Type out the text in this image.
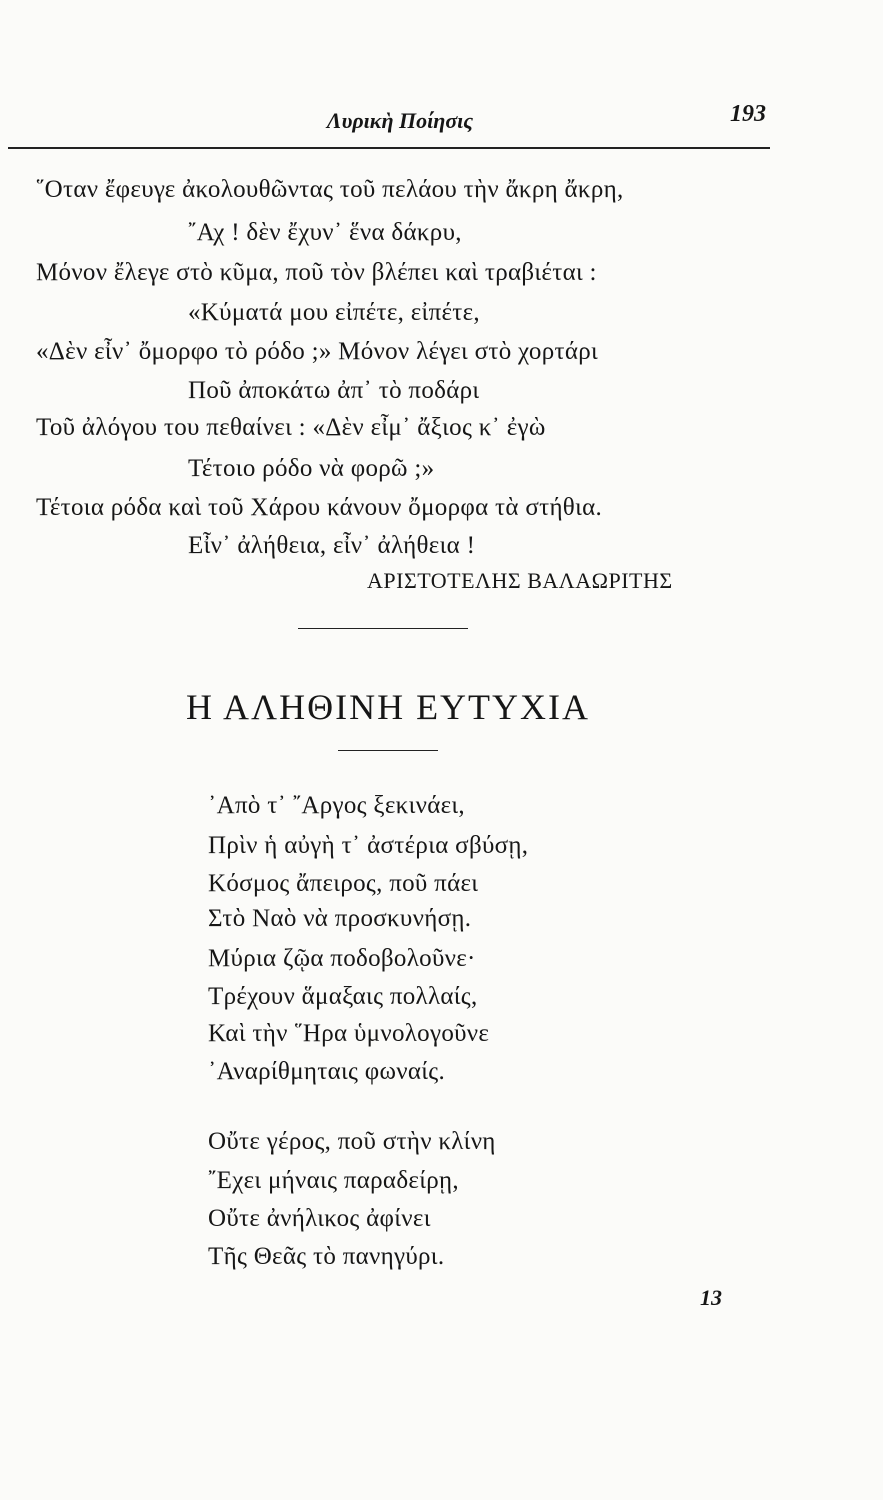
Λυρικὴ Ποίησις	193
῞Οταν ἔφευγε ἀκολουθῶντας τοῦ πελάου τὴν ἄκρη ἄκρη,
῎Αχ ! δὲν ἔχυν᾽ ἕνα δάκρυ,
Μόνον ἔλεγε στὸ κῦμα, ποῦ τὸν βλέπει καὶ τραβιέται :
«Κύματά μου εἰπέτε, εἰπέτε,
«Δὲν εἶν᾽ ὄμορφο τὸ ρόδο ;» Μόνον λέγει στὸ χορτάρι
Ποῦ ἀποκάτω ἀπ᾽ τὸ ποδάρι
Τοῦ ἀλόγου του πεθαίνει : «Δὲν εἶμ᾽ ἄξιος κ᾽ ἐγὼ
Τέτοιο ρόδο νὰ φορῶ ;»
Τέτοια ρόδα καὶ τοῦ Χάρου κάνουν ὄμορφα τὰ στήθια.
Εἶν᾽ ἀλήθεια, εἶν᾽ ἀλήθεια !
ΑΡΙΣΤΟΤΕΛΗΣ ΒΑΛΑΩΡΙΤΗΣ
Η ΑΛΗΘΙΝΗ ΕΥΤΥΧΙΑ
᾽Απὸ τ᾽ ῎Αργος ξεκινάει,
Πρὶν ἡ αὐγὴ τ᾽ ἀστέρια σβύσῃ,
Κόσμος ἄπειρος, ποῦ πάει
Στὸ Ναὸ νὰ προσκυνήσῃ.
Μύρια ζῷα ποδοβολοῦνε·
Τρέχουν ἅμαξαις πολλαίς,
Καὶ τὴν ῞Ηρα ὑμνολογοῦνε
᾽Αναρίθμηταις φωναίς.
Οὔτε γέρος, ποῦ στὴν κλίνη
῎Εχει μήναις παραδείρῃ,
Οὔτε ἀνήλικος ἀφίνει
Τῆς Θεᾶς τὸ πανηγύρι.
13
